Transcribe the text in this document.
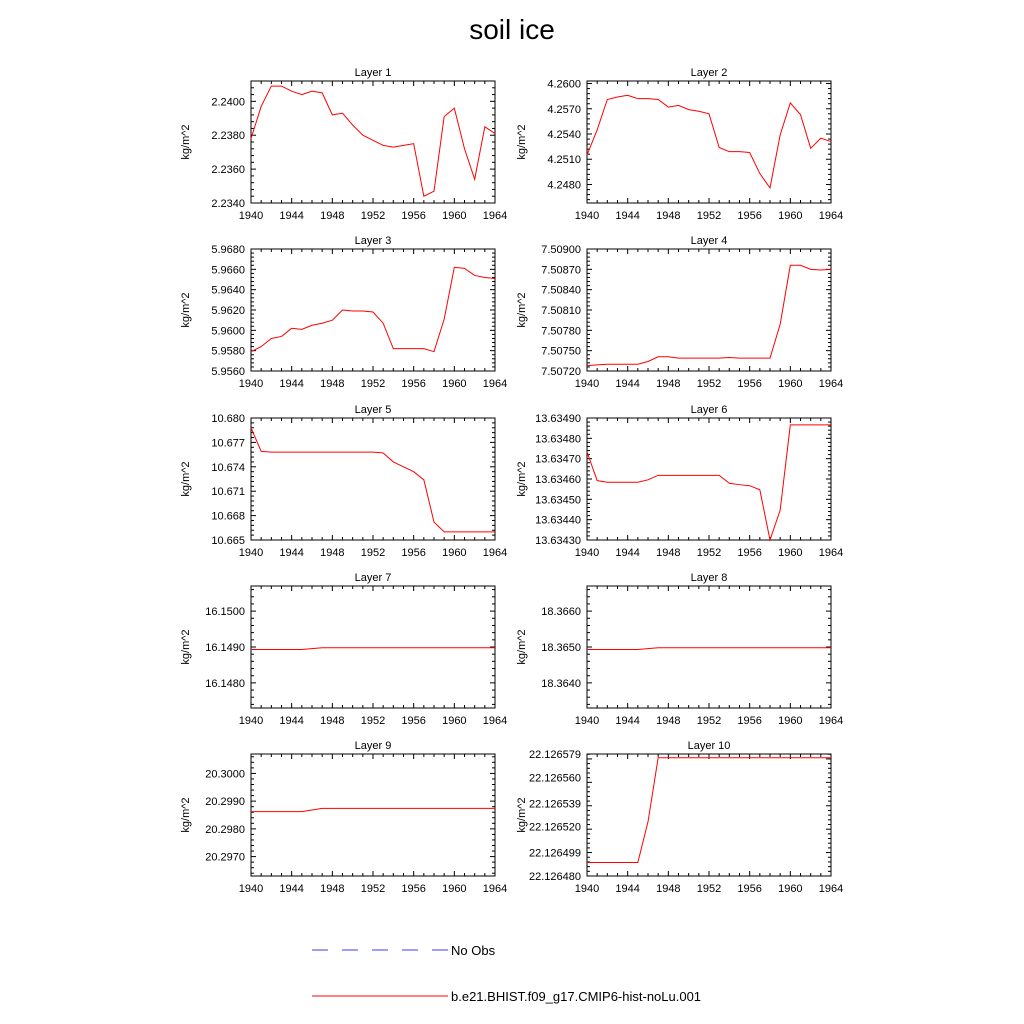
soil ice
Layer 1
kg/m^2
1940 1944 1948 1952 1956 1960 1964
2.2340
2.2360
2.2380
2.2400
Layer 2
kg/m^2
1940 1944 1948 1952 1956 1960 1964
4.2480
4.2510
4.2540
4.2570
4.2600
Layer 3
kg/m^2
1940 1944 1948 1952 1956 1960 1964
5.9560
5.9580
5.9600
5.9620
5.9640
5.9660
5.9680
Layer 4
kg/m^2
1940 1944 1948 1952 1956 1960 1964
7.50720
7.50750
7.50780
7.50810
7.50840
7.50870
7.50900
Layer 5
kg/m^2
1940 1944 1948 1952 1956 1960 1964
10.665
10.668
10.671
10.674
10.677
10.680
Layer 6
kg/m^2
1940 1944 1948 1952 1956 1960 1964
13.63430
13.63440
13.63450
13.63460
13.63470
13.63480
13.63490
Layer 7
kg/m^2
1940 1944 1948 1952 1956 1960 1964
16.1480
16.1490
16.1500
Layer 8
kg/m^2
1940 1944 1948 1952 1956 1960 1964
18.3640
18.3650
18.3660
Layer 9
kg/m^2
1940 1944 1948 1952 1956 1960 1964
20.2970
20.2980
20.2990
20.3000
Layer 10
kg/m^2
1940 1944 1948 1952 1956 1960 1964
22.126480
22.126499
22.126520
22.126539
22.126560
22.126579
No Obs
b.e21.BHIST.f09_g17.CMIP6-hist-noLu.001
